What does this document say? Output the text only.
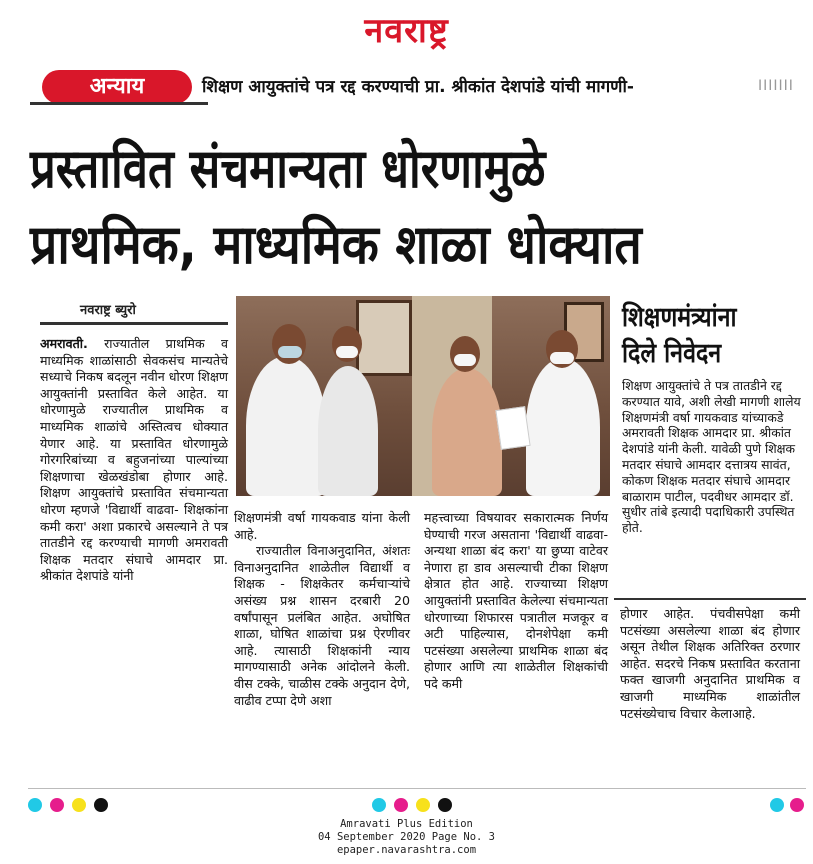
नवराष्ट्र
अन्याय	शिक्षण आयुक्तांचे पत्र रद्द करण्याची प्रा. श्रीकांत देशपांडे यांची मागणी-	IIIIIII
प्रस्तावित संचमान्यता धोरणामुळे
प्राथमिक, माध्यमिक शाळा धोक्यात
नवराष्ट्र ब्युरो

अमरावती. राज्यातील प्राथमिक व माध्यमिक शाळांसाठी सेवकसंच मान्यतेचे सध्याचे निकष बदलून नवीन धोरण शिक्षण आयुक्तांनी प्रस्तावित केले आहेत. या धोरणामुळे राज्यातील प्राथमिक व माध्यमिक शाळांचे अस्तित्वच धोक्यात येणार आहे. या प्रस्तावित धोरणामुळे गोरगरिबांच्या व बहुजनांच्या पाल्यांच्या शिक्षणाचा खेळखंडोबा होणार आहे. शिक्षण आयुक्तांचे प्रस्तावित संचमान्यता धोरण म्हणजे 'विद्यार्थी वाढवा- शिक्षकांना कमी करा' अशा प्रकारचे असल्याने ते पत्र तातडीने रद्द करण्याची मागणी अमरावती शिक्षक मतदार संघाचे आमदार प्रा. श्रीकांत देशपांडे यांनी

शिक्षणमंत्री वर्षा गायकवाड यांना केली आहे.

राज्यातील विनाअनुदानित, अंशतः विनाअनुदानित शाळेतील विद्यार्थी व शिक्षक - शिक्षकेतर कर्मचाऱ्यांचे असंख्य प्रश्न शासन दरबारी 20 वर्षांपासून प्रलंबित आहेत. अघोषित शाळा, घोषित शाळांचा प्रश्न ऐरणीवर आहे. त्यासाठी शिक्षकांनी न्याय मागण्यासाठी अनेक आंदोलने केली. वीस टक्के, चाळीस टक्के अनुदान देणे, वाढीव टप्पा देणे अशा

महत्त्वाच्या विषयावर सकारात्मक निर्णय घेण्याची गरज असताना 'विद्यार्थी वाढवा- अन्यथा शाळा बंद करा' या छुप्या वाटेवर नेणारा हा डाव असल्याची टीका शिक्षण क्षेत्रात होत आहे. राज्याच्या शिक्षण आयुक्तांनी प्रस्तावित केलेल्या संचमान्यता धोरणाच्या शिफारस पत्रातील मजकूर व अटी पाहिल्यास, दोनशेपेक्षा कमी पटसंख्या असलेल्या प्राथमिक शाळा बंद होणार आणि त्या शाळेतील शिक्षकांची पदे कमी

शिक्षणमंत्र्यांना
दिले निवेदन
शिक्षण आयुक्तांचे ते पत्र तातडीने रद्द करण्यात यावे, अशी लेखी मागणी शालेय शिक्षणमंत्री वर्षा गायकवाड यांच्याकडे अमरावती शिक्षक आमदार प्रा. श्रीकांत देशपांडे यांनी केली. यावेळी पुणे शिक्षक मतदार संघाचे आमदार दत्तात्रय सावंत, कोकण शिक्षक मतदार संघाचे आमदार बाळाराम पाटील, पदवीधर आमदार डॉ. सुधीर तांबे इत्यादी पदाधिकारी उपस्थित होते.

होणार आहेत. पंचवीसपेक्षा कमी पटसंख्या असलेल्या शाळा बंद होणार असून तेथील शिक्षक अतिरिक्त ठरणार आहेत. सदरचे निकष प्रस्तावित करताना फक्त खाजगी अनुदानित प्राथमिक व खाजगी माध्यमिक शाळांतील पटसंख्येचाच विचार केलाआहे.

Amravati Plus Edition
04 September 2020 Page No. 3
epaper.navarashtra.com
